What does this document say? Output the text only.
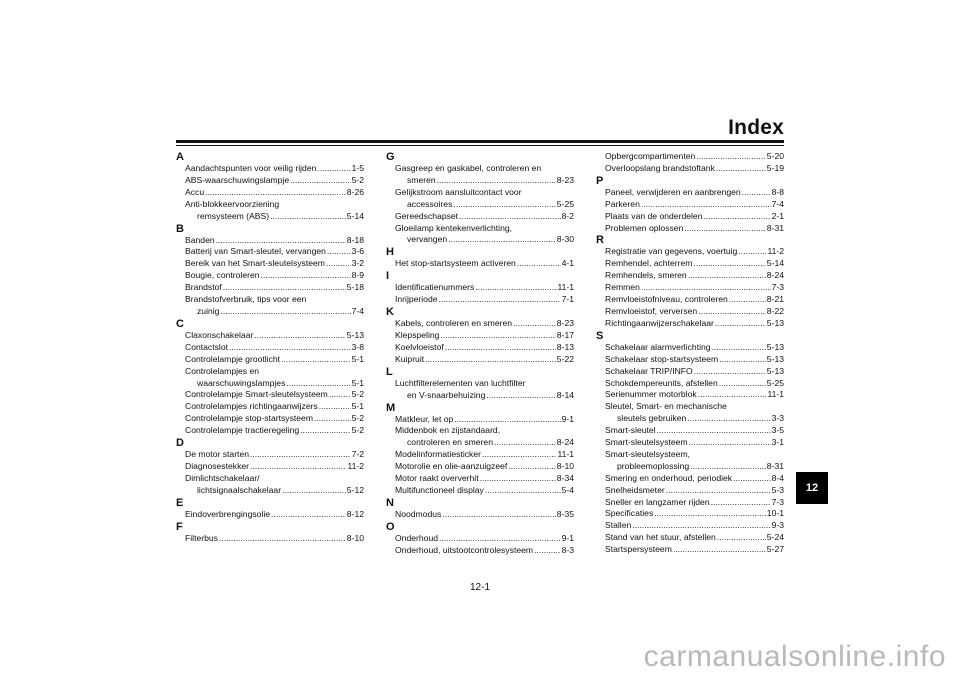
Index
A
Aandachtspunten voor veilig rijden .....	1-5
ABS-waarschuwingslampje .....	5-2
Accu .....	8-26
Anti-blokkeervoorziening
remsysteem (ABS) .....	5-14
B
Banden .....	8-18
Batterij van Smart-sleutel, vervangen .....	3-6
Bereik van het Smart-sleutelsysteem .....	3-2
Bougie, controleren .....	8-9
Brandstof .....	5-18
Brandstofverbruik, tips voor een
zuinig .....	7-4
C
Claxonschakelaar .....	5-13
Contactslot .....	3-8
Controlelampje grootlicht .....	5-1
Controlelampjes en
waarschuwingslampjes .....	5-1
Controlelampje Smart-sleutelsysteem .....	5-2
Controlelampjes richtingaanwijzers .....	5-1
Controlelampje stop-startsysteem .....	5-2
Controlelampje tractieregeling .....	5-2
D
De motor starten .....	7-2
Diagnosestekker .....	11-2
Dimlichtschakelaar/
lichtsignaalschakelaar .....	5-12
E
Eindoverbrengingsolie .....	8-12
F
Filterbus .....	8-10
G
Gasgreep en gaskabel, controleren en
smeren .....	8-23
Gelijkstroom aansluitcontact voor
accessoires .....	5-25
Gereedschapset .....	8-2
Gloeilamp kentekenverlichting,
vervangen .....	8-30
H
Het stop-startsysteem activeren .....	4-1
I
Identificatienummers .....	11-1
Inrijperiode .....	7-1
K
Kabels, controleren en smeren .....	8-23
Klepspeling .....	8-17
Koelvloeistof .....	8-13
Kuipruit .....	5-22
L
Luchtfilterelementen van luchtfilter
en V-snaarbehuizing .....	8-14
M
Matkleur, let op .....	9-1
Middenbok en zijstandaard,
controleren en smeren .....	8-24
Modelinformatiesticker .....	11-1
Motorolie en olie-aanzuigzeef .....	8-10
Motor raakt oververhit .....	8-34
Multifunctioneel display .....	5-4
N
Noodmodus .....	8-35
O
Onderhoud .....	9-1
Onderhoud, uitstootcontrolesysteem .....	8-3
Opbergcompartimenten .....	5-20
Overloopslang brandstoftank .....	5-19
P
Paneel, verwijderen en aanbrengen .....	8-8
Parkeren .....	7-4
Plaats van de onderdelen .....	2-1
Problemen oplossen .....	8-31
R
Registratie van gegevens, voertuig .....	11-2
Remhendel, achterrem .....	5-14
Remhendels, smeren .....	8-24
Remmen .....	7-3
Remvloeistofniveau, controleren .....	8-21
Remvloeistof, verversen .....	8-22
Richtingaanwijzerschakelaar .....	5-13
S
Schakelaar alarmverlichting .....	5-13
Schakelaar stop-startsysteem .....	5-13
Schakelaar TRIP/INFO .....	5-13
Schokdempereunits, afstellen .....	5-25
Serienummer motorblok .....	11-1
Sleutel, Smart- en mechanische
sleutels gebruiken .....	3-3
Smart-sleutel .....	3-5
Smart-sleutelsysteem .....	3-1
Smart-sleutelsysteem,
probleemoplossing .....	8-31
Smering en onderhoud, periodiek .....	8-4
Snelheidsmeter .....	5-3
Sneller en langzamer rijden .....	7-3
Specificaties .....	10-1
Stallen .....	9-3
Stand van het stuur, afstellen .....	5-24
Startspersysteem .....	5-27
12
12-1
carmanualsonline.info
